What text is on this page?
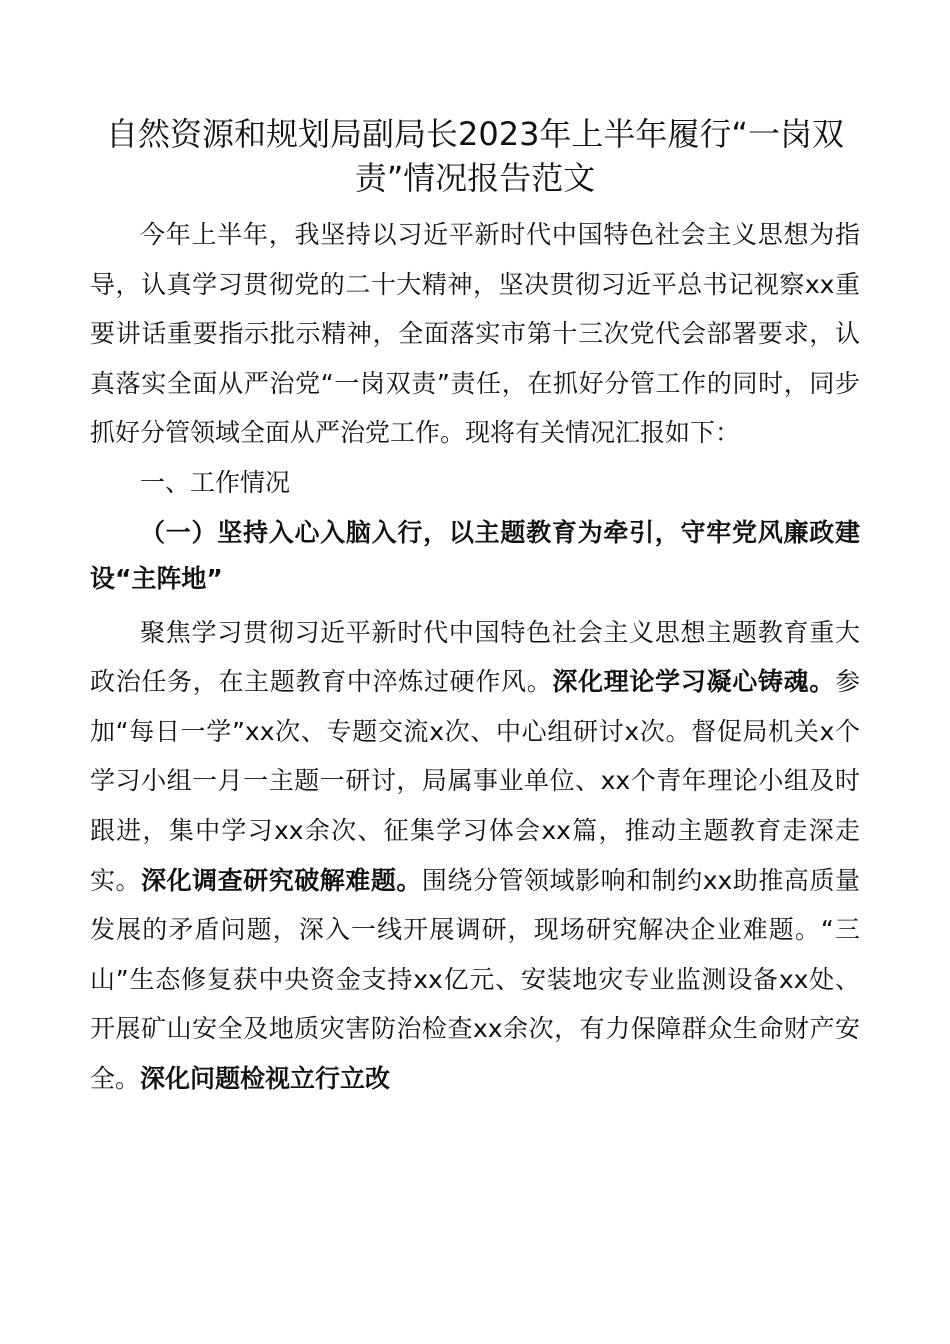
自然资源和规划局副局长2023年上半年履行“一岗双责”情况报告范文

今年上半年，我坚持以习近平新时代中国特色社会主义思想为指导，认真学习贯彻党的二十大精神，坚决贯彻习近平总书记视察xx重要讲话重要指示批示精神，全面落实市第十三次党代会部署要求，认真落实全面从严治党“一岗双责”责任，在抓好分管工作的同时，同步抓好分管领域全面从严治党工作。现将有关情况汇报如下：

一、工作情况

（一）坚持入心入脑入行，以主题教育为牵引，守牢党风廉政建设“主阵地”

聚焦学习贯彻习近平新时代中国特色社会主义思想主题教育重大政治任务，在主题教育中淬炼过硬作风。深化理论学习凝心铸魂。参加“每日一学”xx次、专题交流x次、中心组研讨x次。督促局机关x个学习小组一月一主题一研讨，局属事业单位、xx个青年理论小组及时跟进，集中学习xx余次、征集学习体会xx篇，推动主题教育走深走实。深化调查研究破解难题。围绕分管领域影响和制约xx助推高质量发展的矛盾问题，深入一线开展调研，现场研究解决企业难题。“三山”生态修复获中央资金支持xx亿元、安装地灾专业监测设备xx处、开展矿山安全及地质灾害防治检查xx余次，有力保障群众生命财产安全。深化问题检视立行立改
